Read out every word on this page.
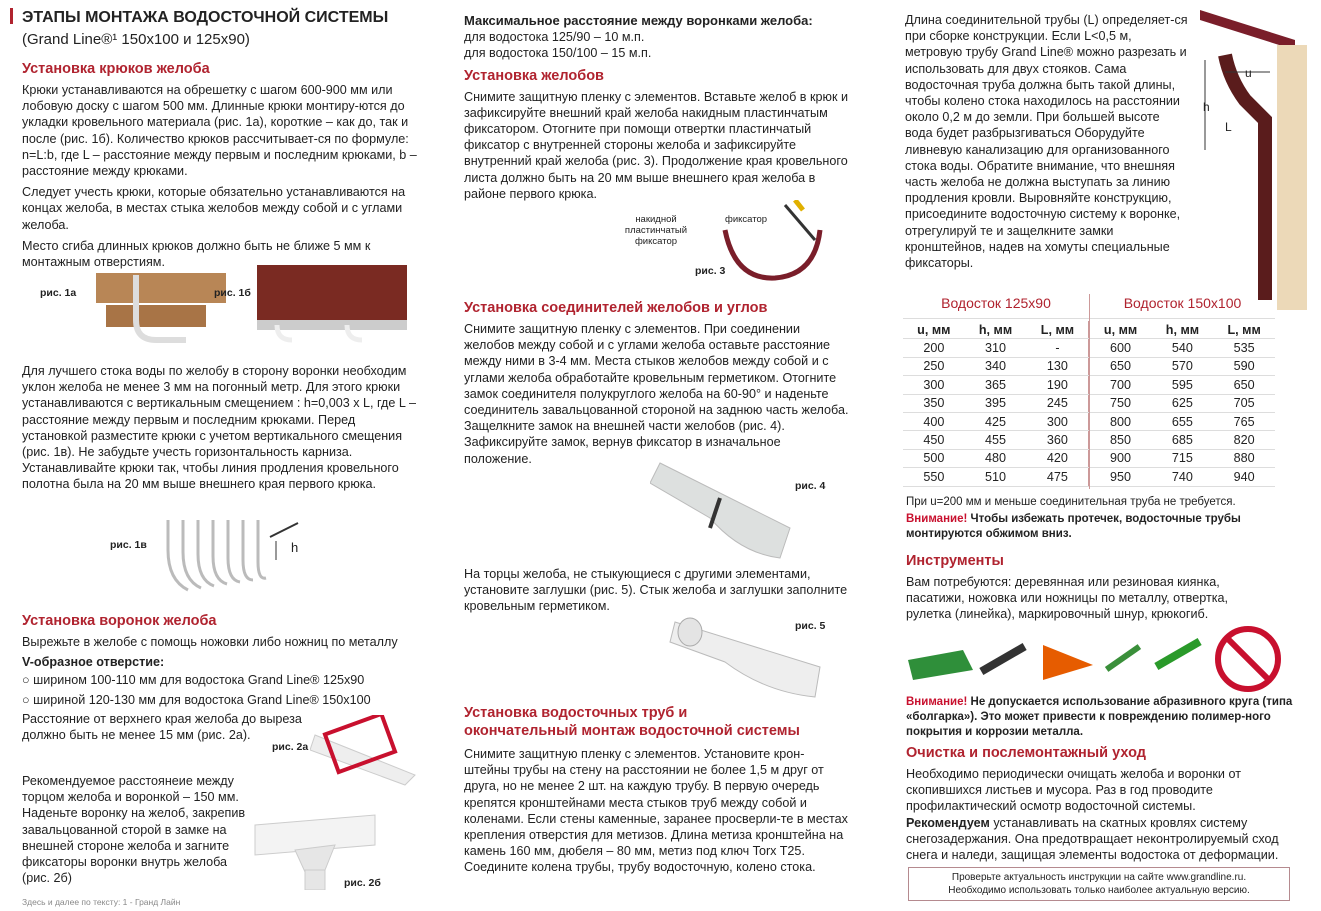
ЭТАПЫ МОНТАЖА ВОДОСТОЧНОЙ СИСТЕМЫ
(Grand Line®¹ 150x100 и 125x90)
Установка крюков желоба

Крюки устанавливаются на обрешетку с шагом 600-900 мм или лобовую доску с шагом 500 мм. Длинные крюки монтиру-ются до укладки кровельного материала (рис. 1а), короткие – как до, так и после (рис. 1б). Количество крюков рассчитывает-ся по формуле: n=L:b, где L – расстояние между первым и последним крюками, b – расстояние между крюками.

Следует учесть крюки, которые обязательно устанавливаются на концах желоба, в местах стыка желобов между собой и с углами желоба.

Место сгиба длинных крюков должно быть не ближе 5 мм к монтажным отверстиям.

рис. 1а	рис. 1б

Для лучшего стока воды по желобу в сторону воронки необходим уклон желоба не менее 3 мм на погонный метр. Для этого крюки устанавливаются с вертикальным смещением : h=0,003 x L, где L – расстояние между первым и последним крюками. Перед установкой разместите крюки с учетом вертикального смещения (рис. 1в). Не забудьте учесть горизонтальность карниза.

Устанавливайте крюки так, чтобы линия продления кровельного полотна была на 20 мм выше внешнего края первого крюка.

рис. 1в	h
Установка воронок желоба

Вырежьте в желобе с помощь ножовки либо ножниц по металлу

V-образное отверстие:

○ ширином 100-110 мм для водостока Grand Line® 125x90
○ шириной 120-130 мм для водостока Grand Line® 150x100

Расстояние от верхнего края желоба до выреза должно быть не менее 15 мм (рис. 2а).

рис. 2а

Рекомендуемое расстоянеие между торцом желоба и воронкой – 150 мм. Наденьте воронку на желоб, закрепив завальцованной сторой в замке на внешней стороне желоба и загните фиксаторы воронки внутрь желоба (рис. 2б)	рис. 2б
Здесь и далее по тексту: 1 - Гранд Лайн

Максимальное расстояние между воронками желоба:

для водостока 125/90 – 10 м.п.

для водостока 150/100 – 15 м.п.

Установка желобов

Снимите защитную пленку с элементов. Вставьте желоб в крюк и зафиксируйте внешний край желоба накидным пластинчатым фиксатором. Отогните при помощи отвертки пластинчатый фиксатор с внутренней стороны желоба и зафиксируйте внутренний край желоба (рис. 3). Продолжение края кровельного листа должно быть на 20 мм выше внешнего края желоба в районе первого крюка.

накидной пластинчатый фиксатор
фиксатор
рис. 3
Установка соединителей желобов и углов

Снимите защитную пленку с элементов. При соединении желобов между собой и с углами желоба оставьте расстояние между ними в 3-4 мм. Места стыков желобов между собой и с углами желоба обработайте кровельным герметиком. Отогните замок соединителя полукруглого желоба на 60-90° и наденьте соединитель завальцованной стороной на заднюю часть желоба. Защелкните замок на внешней части желобов (рис. 4). Зафиксируйте замок, вернув фиксатор в изначальное положение.

рис. 4

На торцы желоба, не стыкующиеся с другими элементами, установите заглушки (рис. 5). Стык желоба и заглушки заполните кровельным герметиком.

рис. 5
Установка водосточных труб и окончательный монтаж водосточной системы

Снимите защитную пленку с элементов. Установите крон-штейны трубы на стену на расстоянии не более 1,5 м друг от друга, но не менее 2 шт. на каждую трубу. В первую очередь крепятся кронштейнами места стыков труб между собой и коленами. Если стены каменные, заранее просверли-те в местах крепления отверстия для метизов. Длина метиза кронштейна на камень 160 мм, дюбеля – 80 мм, метиз под ключ Torx T25. Соедините колена трубы, трубу водосточную, колено стока.

Длина соединительной трубы (L) определяет-ся при сборке конструкции. Если L<0,5 м, метровую трубу Grand Line® можно разрезать и использовать для двух стояков. Сама водосточная труба должна быть такой длины, чтобы колено стока находилось на расстоянии около 0,2 м до земли. При большей высоте вода будет разбрызгиваться Оборудуйте ливневую канализацию для организованного стока воды. Обратите внимание, что внешняя часть желоба не должна выступать за линию продления кровли. Выровняйте конструкцию, присоедините водосточную систему к воронке, отрегулируй те и защелкните замки кронштейнов, надев на хомуты специальные фиксаторы.

h
u
L
Водосток 125x90	Водосток 150x100
u, мм	h, мм	L, мм	u, мм	h, мм	L, мм
200	310	-	600	540	535
250	340	130	650	570	590
300	365	190	700	595	650
350	395	245	750	625	705
400	425	300	800	655	765
450	455	360	850	685	820
500	480	420	900	715	880
550	510	475	950	740	940

При u=200 мм и меньше соединительная труба не требуется.

Внимание! Чтобы избежать протечек, водосточные трубы монтируются обжимом вниз.

Инструменты

Вам потребуются: деревянная или резиновая киянка, пасатижи, ножовка или ножницы по металлу, отвертка, рулетка (линейка), маркировочный шнур, крюкогиб.

Внимание! Не допускается использование абразивного круга (типа «болгарка»). Это может привести к повреждению полимер-ного покрытия и коррозии металла.

Очистка и послемонтажный уход

Необходимо периодически очищать желоба и воронки от скопившихся листьев и мусора. Раз в год проводите профилактический осмотр водосточной системы.

Рекомендуем устанавливать на скатных кровлях систему снегозадержания. Она предотвращает неконтролируемый сход снега и наледи, защищая элементы водостока от деформации.

Проверьте актуальность инструкции на сайте www.grandline.ru.
Необходимо использовать только наиболее актуальную версию.
